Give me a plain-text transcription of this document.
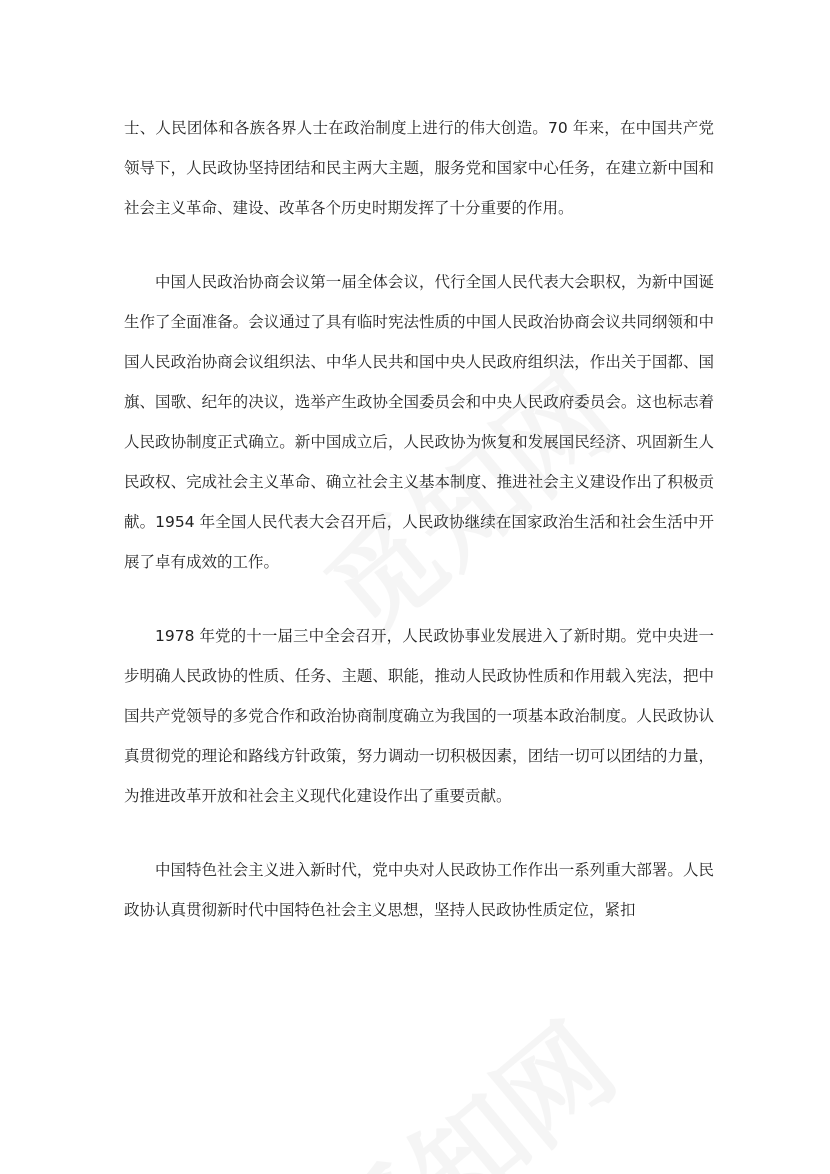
士、人民团体和各族各界人士在政治制度上进行的伟大创造。70 年来，在中国共产党领导下，人民政协坚持团结和民主两大主题，服务党和国家中心任务，在建立新中国和社会主义革命、建设、改革各个历史时期发挥了十分重要的作用。

中国人民政治协商会议第一届全体会议，代行全国人民代表大会职权，为新中国诞生作了全面准备。会议通过了具有临时宪法性质的中国人民政治协商会议共同纲领和中国人民政治协商会议组织法、中华人民共和国中央人民政府组织法，作出关于国都、国旗、国歌、纪年的决议，选举产生政协全国委员会和中央人民政府委员会。这也标志着人民政协制度正式确立。新中国成立后，人民政协为恢复和发展国民经济、巩固新生人民政权、完成社会主义革命、确立社会主义基本制度、推进社会主义建设作出了积极贡献。1954 年全国人民代表大会召开后，人民政协继续在国家政治生活和社会生活中开展了卓有成效的工作。

1978 年党的十一届三中全会召开，人民政协事业发展进入了新时期。党中央进一步明确人民政协的性质、任务、主题、职能，推动人民政协性质和作用载入宪法，把中国共产党领导的多党合作和政治协商制度确立为我国的一项基本政治制度。人民政协认真贯彻党的理论和路线方针政策，努力调动一切积极因素，团结一切可以团结的力量，为推进改革开放和社会主义现代化建设作出了重要贡献。

中国特色社会主义进入新时代，党中央对人民政协工作作出一系列重大部署。人民政协认真贯彻新时代中国特色社会主义思想，坚持人民政协性质定位，紧扣
